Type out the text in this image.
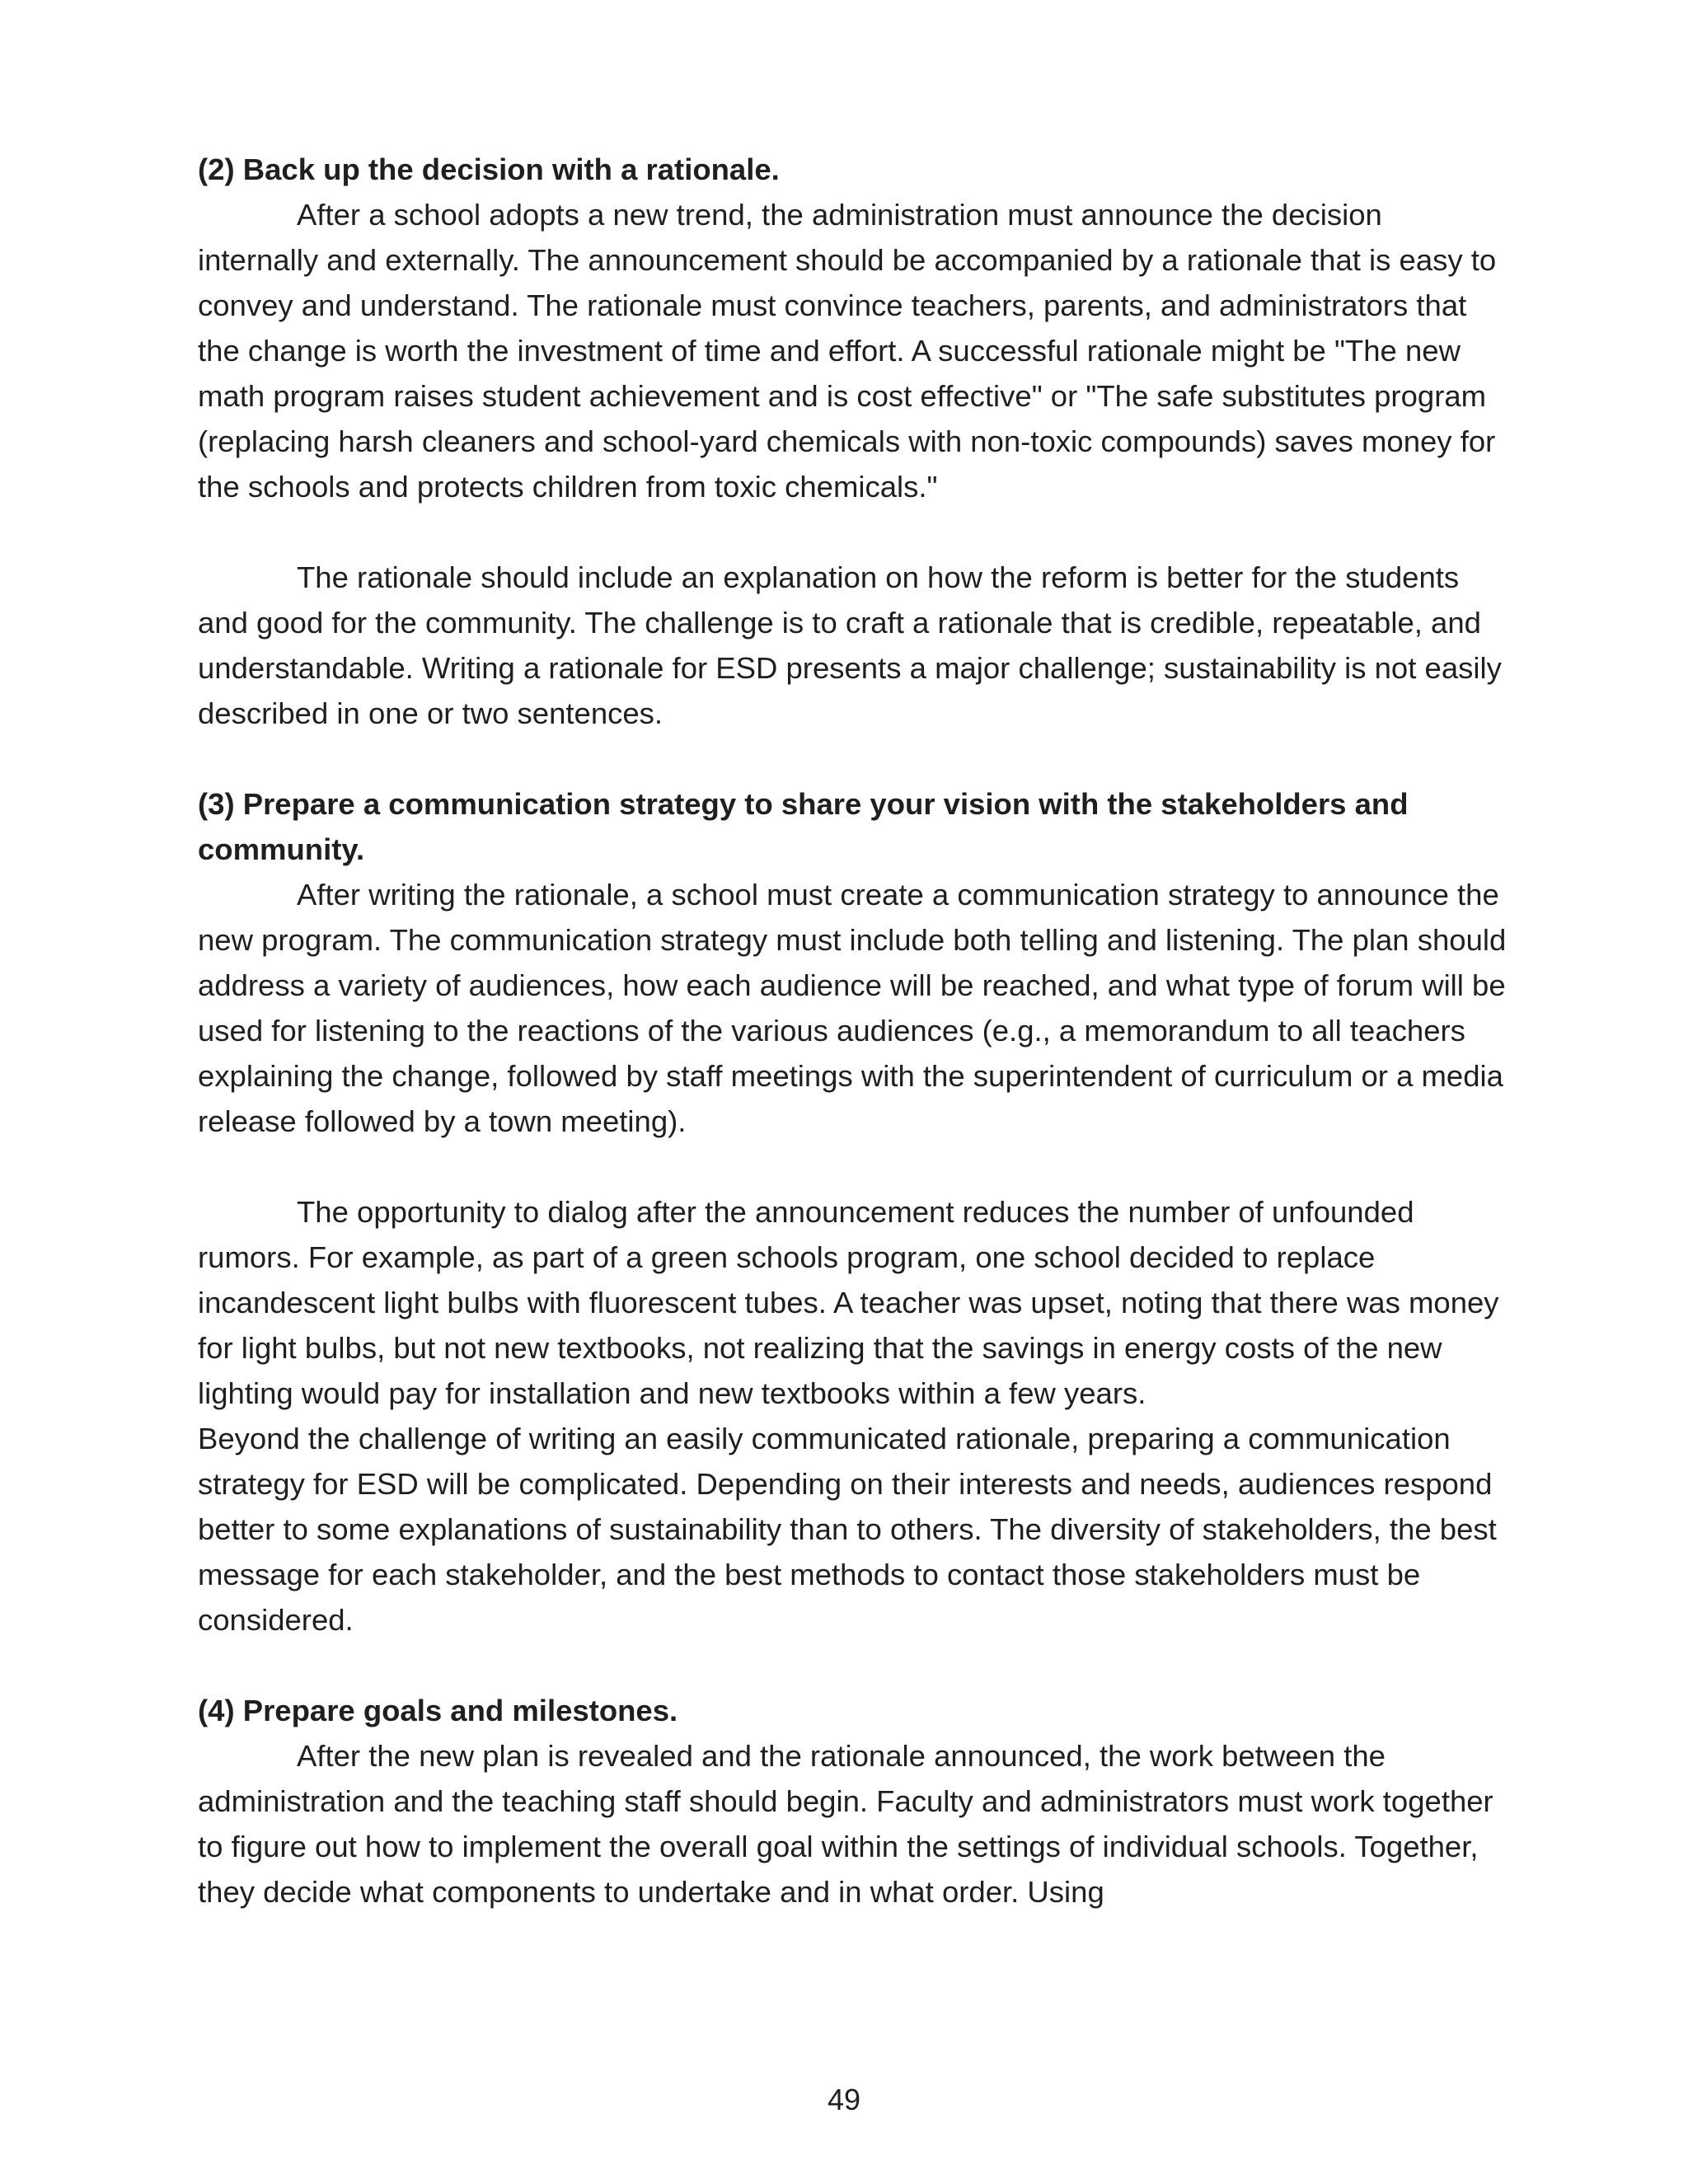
(2) Back up the decision with a rationale.

After a school adopts a new trend, the administration must announce the decision internally and externally. The announcement should be accompanied by a rationale that is easy to convey and understand. The rationale must convince teachers, parents, and administrators that the change is worth the investment of time and effort. A successful rationale might be "The new math program raises student achievement and is cost effective" or "The safe substitutes program (replacing harsh cleaners and school-yard chemicals with non-toxic compounds) saves money for the schools and protects children from toxic chemicals."

The rationale should include an explanation on how the reform is better for the students and good for the community. The challenge is to craft a rationale that is credible, repeatable, and understandable. Writing a rationale for ESD presents a major challenge; sustainability is not easily described in one or two sentences.

(3) Prepare a communication strategy to share your vision with the stakeholders and community.

After writing the rationale, a school must create a communication strategy to announce the new program. The communication strategy must include both telling and listening. The plan should address a variety of audiences, how each audience will be reached, and what type of forum will be used for listening to the reactions of the various audiences (e.g., a memorandum to all teachers explaining the change, followed by staff meetings with the superintendent of curriculum or a media release followed by a town meeting).

The opportunity to dialog after the announcement reduces the number of unfounded rumors. For example, as part of a green schools program, one school decided to replace incandescent light bulbs with fluorescent tubes. A teacher was upset, noting that there was money for light bulbs, but not new textbooks, not realizing that the savings in energy costs of the new lighting would pay for installation and new textbooks within a few years.

Beyond the challenge of writing an easily communicated rationale, preparing a communication strategy for ESD will be complicated. Depending on their interests and needs, audiences respond better to some explanations of sustainability than to others. The diversity of stakeholders, the best message for each stakeholder, and the best methods to contact those stakeholders must be considered.

(4) Prepare goals and milestones.

After the new plan is revealed and the rationale announced, the work between the administration and the teaching staff should begin. Faculty and administrators must work together to figure out how to implement the overall goal within the settings of individual schools. Together, they decide what components to undertake and in what order. Using

49
